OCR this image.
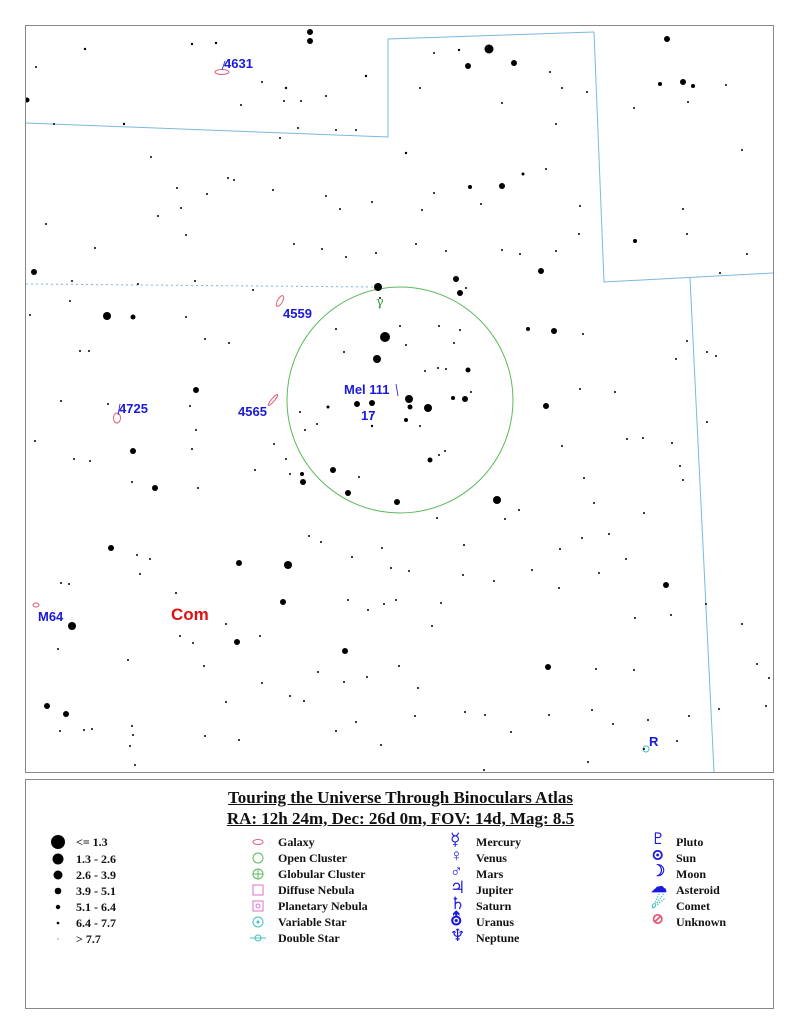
4631
4559
4565
4725
M64
Mel 111
17
R
γ
Com
Touring the Universe Through Binoculars Atlas
RA: 12h 24m, Dec: 26d 0m, FOV: 14d, Mag: 8.5
<= 1.3
1.3 - 2.6
2.6 - 3.9
3.9 - 5.1
5.1 - 6.4
6.4 - 7.7
> 7.7
Galaxy
Open Cluster
Globular Cluster
Diffuse Nebula
Planetary Nebula
Variable Star
Double Star
☿
♀
♂
♃
♄
⛢
♆
Mercury
Venus
Mars
Jupiter
Saturn
Uranus
Neptune
♇
⊙
☽
☁
☄
⊘
Pluto
Sun
Moon
Asteroid
Comet
Unknown
